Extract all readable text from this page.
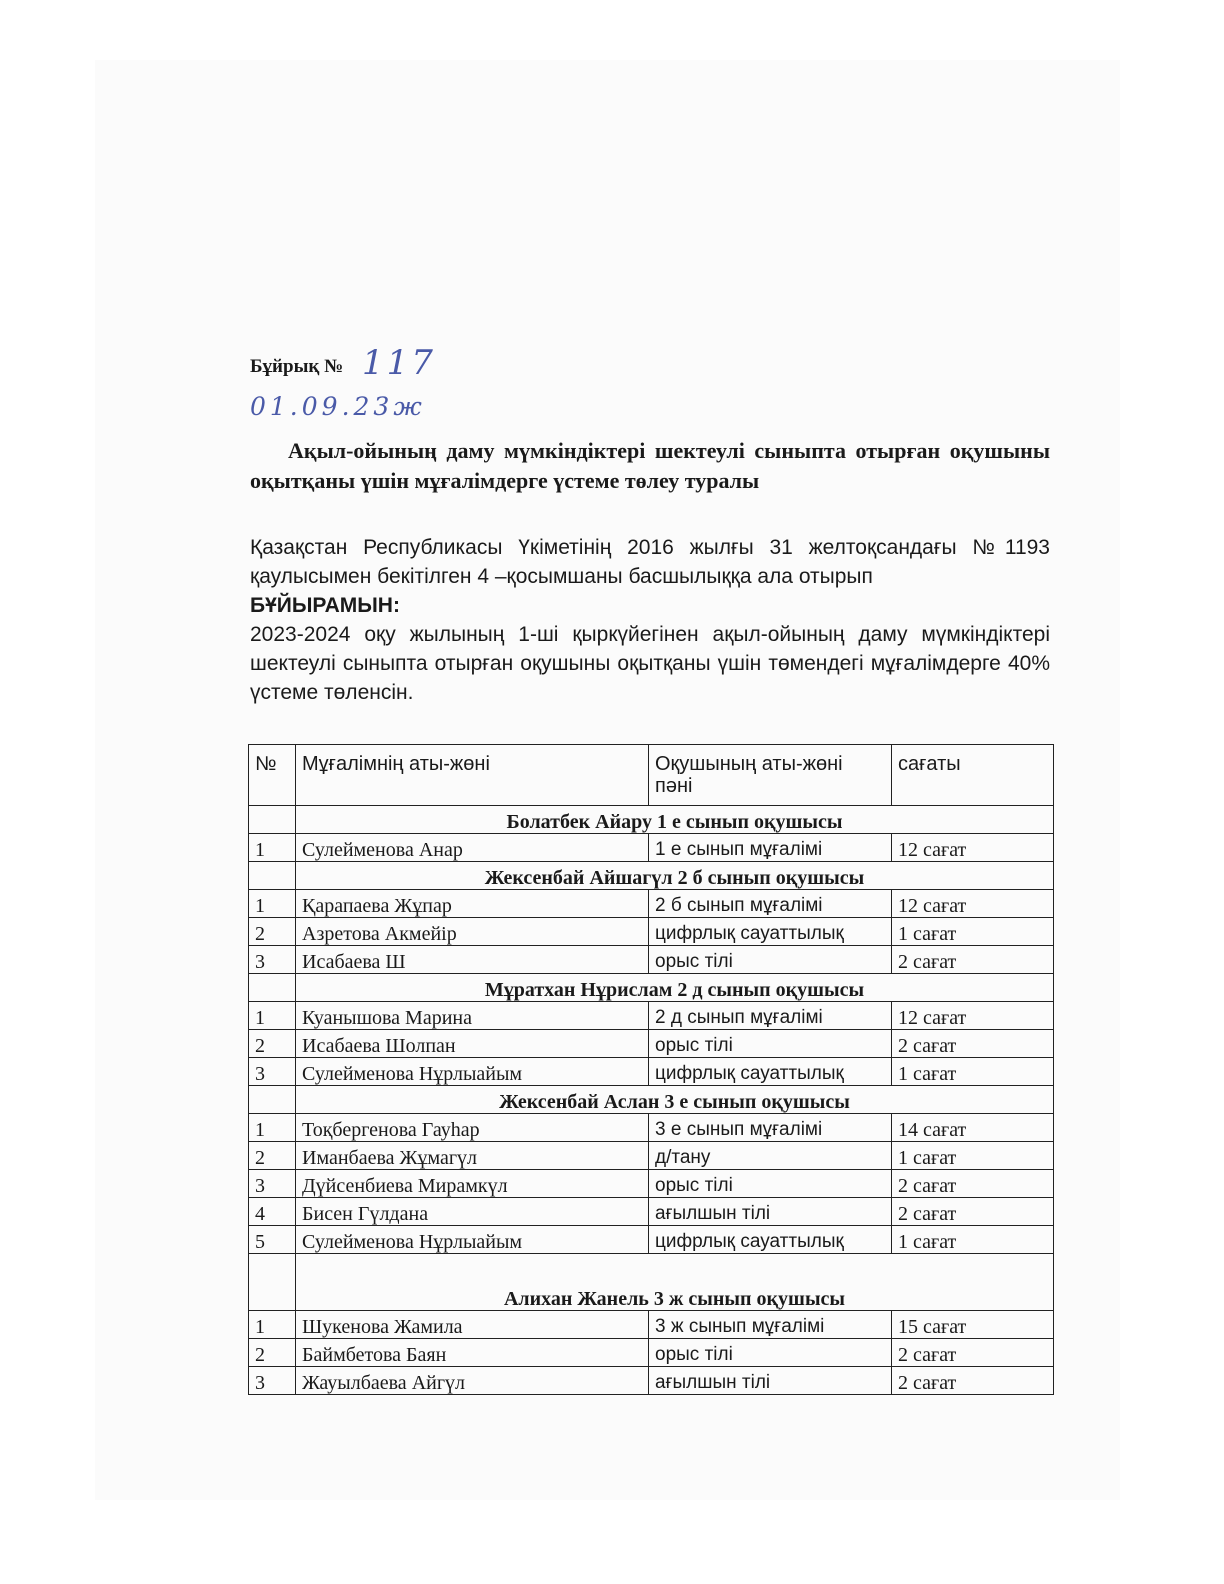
Бұйрық № 117
01.09.23ж
Ақыл-ойының даму мүмкіндіктері шектеулі сыныпта отырған оқушыны оқытқаны үшін мұғалімдерге үстеме төлеу туралы

Қазақстан Республикасы Үкіметінің 2016 жылғы 31 желтоқсандағы №1193 қаулысымен бекітілген 4 –қосымшаны басшылыққа ала отырып

БҰЙЫРАМЫН:

2023-2024 оқу жылының 1-ші қыркүйегінен ақыл-ойының даму мүмкіндіктері шектеулі сыныпта отырған оқушыны оқытқаны үшін төмендегі мұғалімдерге 40% үстеме төленсін.

№	Мұғалімнің аты-жөні	Оқушының аты-жөні пәні	сағаты
	Болатбек Айару 1 е сынып оқушысы		
1	Сулейменова Анар	1 е сынып мұғалімі	12 сағат
	Жексенбай Айшагүл 2 б сынып оқушысы		
1	Қарапаева Жұпар	2 б сынып мұғалімі	12 сағат
2	Азретова Акмейір	цифрлық сауаттылық	1 сағат
3	Исабаева Ш	орыс тілі	2 сағат
	Мұратхан Нұрислам 2 д сынып оқушысы		
1	Куанышова Марина	2 д сынып мұғалімі	12 сағат
2	Исабаева Шолпан	орыс тілі	2 сағат
3	Сулейменова Нұрлыайым	цифрлық сауаттылық	1 сағат
	Жексенбай Аслан 3 е сынып оқушысы		
1	Тоқбергенова Гауһар	3 е сынып мұғалімі	14 сағат
2	Иманбаева Жұмагүл	д/тану	1 сағат
3	Дүйсенбиева Мирамкүл	орыс тілі	2 сағат
4	Бисен Гүлдана	ағылшын тілі	2 сағат
5	Сулейменова Нұрлыайым	цифрлық сауаттылық	1 сағат
	Алихан Жанель 3 ж сынып оқушысы		
1	Шукенова Жамила	3 ж сынып мұғалімі	15 сағат
2	Баймбетова Баян	орыс тілі	2 сағат
3	Жауылбаева Айгүл	ағылшын тілі	2 сағат
